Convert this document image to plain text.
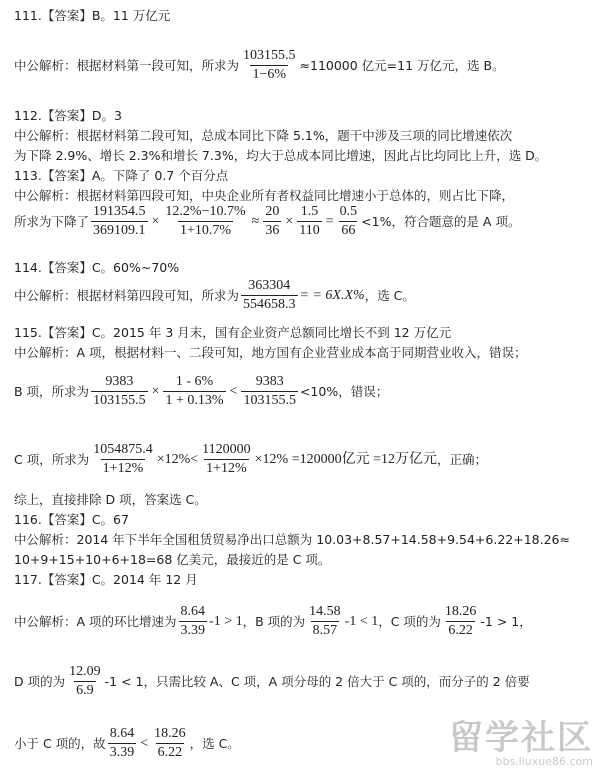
111.【答案】B。11 万亿元
中公解析：根据材料第一段可知，所求为 $\frac{103155.5}{1-6\%} \approx 110000$ 亿元=11 万亿元，选 B。
112.【答案】D。3
中公解析：根据材料第二段可知，总成本同比下降 5.1%，题干中涉及三项的同比增速依次
为下降 2.9%、增长 2.3%和增长 7.3%，均大于总成本同比增速，因此占比均同比上升，选 D。
113.【答案】A。下降了 0.7 个百分点
中公解析：根据材料第四段可知，中央企业所有者权益同比增速小于总体的，则占比下降，
所求为下降了 $\frac{191354.5}{369109.1} \times \frac{12.2\%-10.7\%}{1+10.7\%} \approx \frac{20}{36} \times \frac{1.5}{110} = \frac{0.5}{66} <1\%$，符合题意的是 A 项。
114.【答案】C。60%~70%
中公解析：根据材料第四段可知，所求为 $\frac{363304}{554658.3}$ = = 6X.X% ，选 C。
115.【答案】C。2015 年 3 月末，国有企业资产总额同比增长不到 12 万亿元
中公解析：A 项，根据材料一、二段可知，地方国有企业营业成本高于同期营业收入，错误；
B 项，所求为 $\frac{9383}{103155.5} \times \frac{1 - 6\%}{1 + 0.13\%} < \frac{9383}{103155.5} <10\%$，错误；
C 项，所求为 $\frac{1054875.4}{1+12\%} \times 12\%< \frac{1120000}{1+12\%} \times 12\% =120000$亿元 =12万亿元 ，正确；
综上，直接排除 D 项，答案选 C。
116.【答案】C。67
中公解析：2014 年下半年全国租赁贸易净出口总额为 10.03+8.57+14.58+9.54+6.22+18.26≈
10+9+15+10+6+18=68 亿美元，最接近的是 C 项。
117.【答案】C。2014 年 12 月
中公解析：A 项的环比增速为 $\frac{8.64}{3.39} -1 > 1$ ，B 项的为 $\frac{14.58}{8.57} -1 < 1$ ，C 项的为 $\frac{18.26}{6.22} -1 > 1$，
D 项的为 $\frac{12.09}{6.9} -1 < 1$，只需比较 A、C 项，A 项分母的 2 倍大于 C 项的，而分子的 2 倍要
小于 C 项的，故 $\frac{8.64}{3.39} < \frac{18.26}{6.22}$ ，选 C。	留学社区
bbs.liuxue86.com
